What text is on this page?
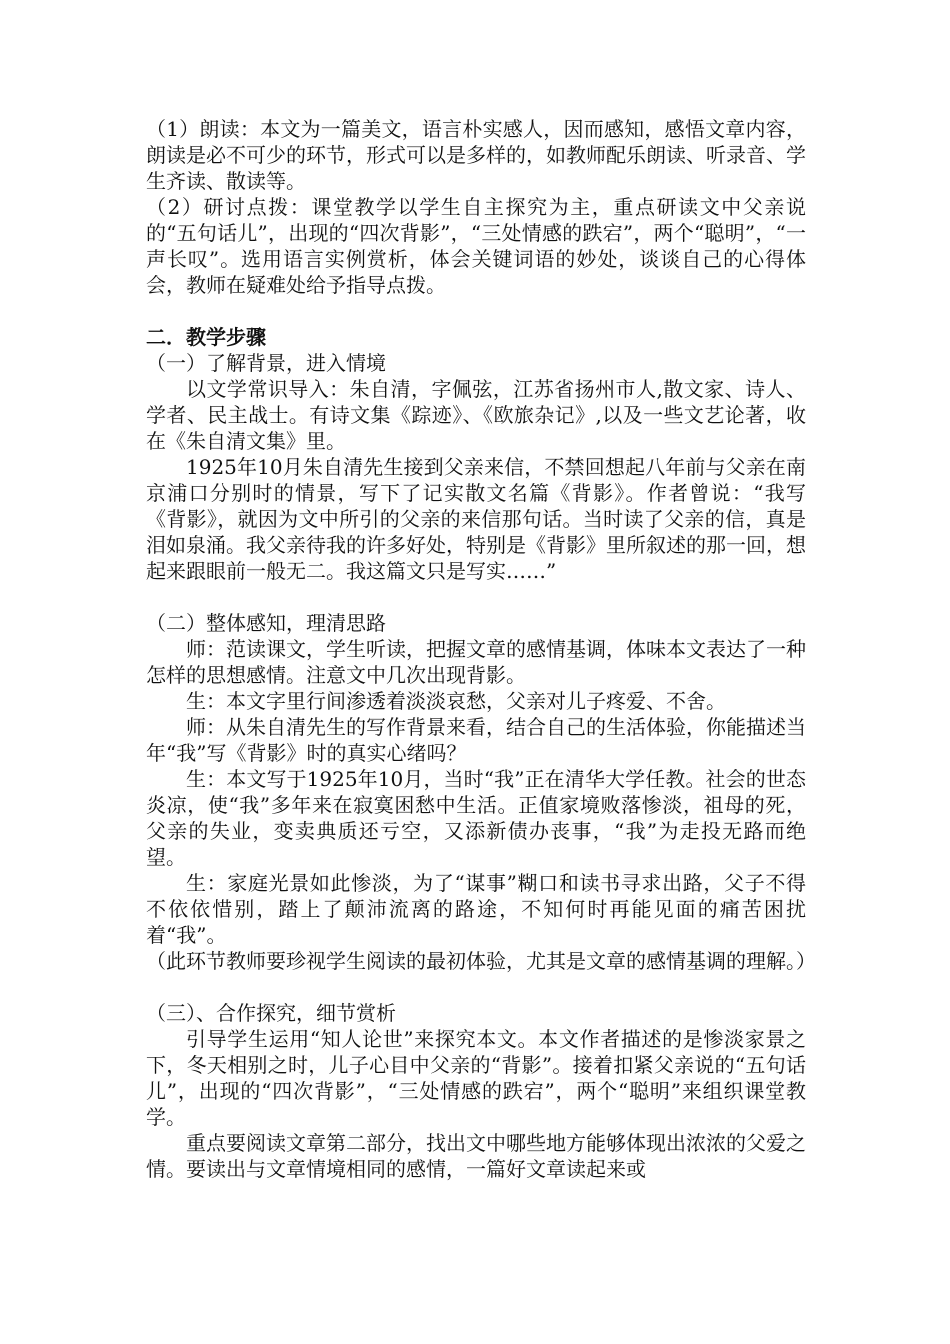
（1）朗读：本文为一篇美文，语言朴实感人，因而感知，感悟文章内容，朗读是必不可少的环节，形式可以是多样的，如教师配乐朗读、听录音、学生齐读、散读等。

（2）研讨点拨：课堂教学以学生自主探究为主，重点研读文中父亲说的“五句话儿”，出现的“四次背影”，“三处情感的跌宕”，两个“聪明”，“一声长叹”。选用语言实例赏析，体会关键词语的妙处，谈谈自己的心得体会，教师在疑难处给予指导点拨。

二．教学步骤

（一）了解背景，进入情境

以文学常识导入：朱自清，字佩弦，江苏省扬州市人,散文家、诗人、学者、民主战士。有诗文集《踪迹》、《欧旅杂记》,以及一些文艺论著，收在《朱自清文集》里。

1925年10月朱自清先生接到父亲来信，不禁回想起八年前与父亲在南京浦口分别时的情景，写下了记实散文名篇《背影》。作者曾说：“我写《背影》，就因为文中所引的父亲的来信那句话。当时读了父亲的信，真是泪如泉涌。我父亲待我的许多好处，特别是《背影》里所叙述的那一回，想起来跟眼前一般无二。我这篇文只是写实……”

（二）整体感知，理清思路

师：范读课文，学生听读，把握文章的感情基调，体味本文表达了一种怎样的思想感情。注意文中几次出现背影。

生：本文字里行间渗透着淡淡哀愁，父亲对儿子疼爱、不舍。

师：从朱自清先生的写作背景来看，结合自己的生活体验，你能描述当年“我”写《背影》时的真实心绪吗？

生：本文写于1925年10月，当时“我”正在清华大学任教。社会的世态炎凉，使“我”多年来在寂寞困愁中生活。正值家境败落惨淡，祖母的死，父亲的失业，变卖典质还亏空，又添新债办丧事，“我”为走投无路而绝望。

生：家庭光景如此惨淡，为了“谋事”糊口和读书寻求出路，父子不得不依依惜别，踏上了颠沛流离的路途，不知何时再能见面的痛苦困扰着“我”。

（此环节教师要珍视学生阅读的最初体验，尤其是文章的感情基调的理解。）

（三）、合作探究，细节赏析

引导学生运用“知人论世”来探究本文。本文作者描述的是惨淡家景之下，冬天相别之时，儿子心目中父亲的“背影”。接着扣紧父亲说的“五句话儿”，出现的“四次背影”，“三处情感的跌宕”，两个“聪明”来组织课堂教学。

重点要阅读文章第二部分，找出文中哪些地方能够体现出浓浓的父爱之情。要读出与文章情境相同的感情，一篇好文章读起来或
